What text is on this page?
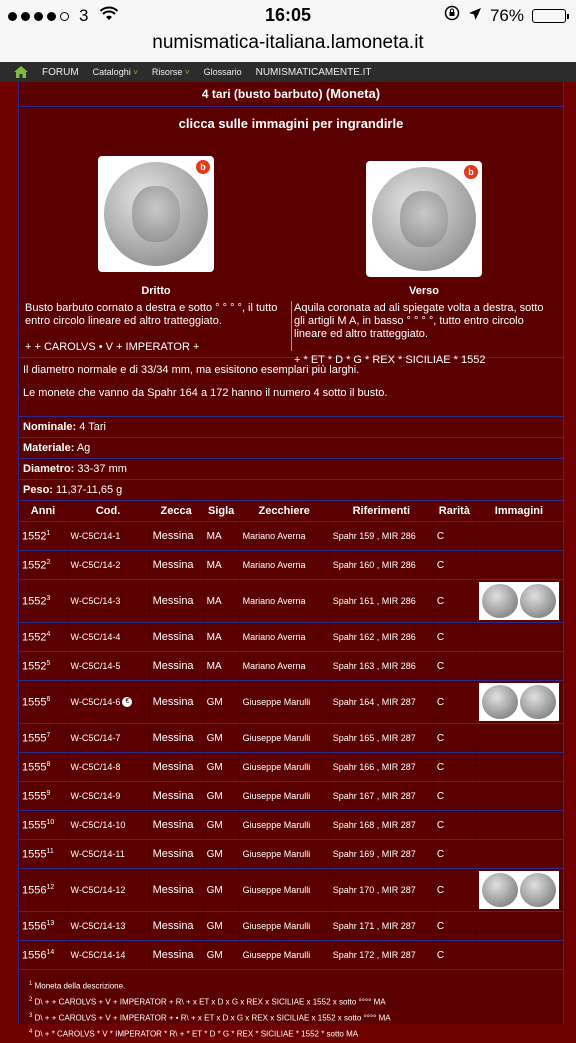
3	16:05	76%
numismatica-italiana.lamoneta.it
FORUM Cataloghi ˅ Risorse ˅ Glossario NUMISMATICAMENTE.IT
4 tari (busto barbuto) (Moneta)
clicca sulle immagini per ingrandirle
b	b
Dritto	Verso
Busto barbuto cornato a destra e sotto ° ° ° °, il tutto entro circolo lineare ed altro tratteggiato.
+ + CAROLVS • V + IMPERATOR +
Aquila coronata ad ali spiegate volta a destra, sotto gli artigli M A, in basso ° ° ° °, tutto entro circolo lineare ed altro tratteggiato.
+ * ET * D * G * REX * SICILIAE * 1552

Il diametro normale e di 33/34 mm, ma esisitono esemplari più larghi.

Le monete che vanno da Spahr 164 a 172 hanno il numero 4 sotto il busto.

Nominale: 4 Tari
Materiale: Ag
Diametro: 33-37 mm
Peso: 11,37-11,65 g
Anni	Cod.	Zecca	Sigla	Zecchiere	Riferimenti	Rarità	Immagini
1552$^1$	W-C5C/14-1	Messina	MA	Mariano Averna	Spahr 159 , MIR 286	C	
1552$^2$	W-C5C/14-2	Messina	MA	Mariano Averna	Spahr 160 , MIR 286	C	
1552$^3$	W-C5C/14-3	Messina	MA	Mariano Averna	Spahr 161 , MIR 286	C	

1552$^4$	W-C5C/14-4	Messina	MA	Mariano Averna	Spahr 162 , MIR 286	C	
1552$^5$	W-C5C/14-5	Messina	MA	Mariano Averna	Spahr 163 , MIR 286	C	
1555$^6$	W-C5C/14-6 €	Messina	GM	Giuseppe Marulli	Spahr 164 , MIR 287	C	

1555$^7$	W-C5C/14-7	Messina	GM	Giuseppe Marulli	Spahr 165 , MIR 287	C	
1555$^8$	W-C5C/14-8	Messina	GM	Giuseppe Marulli	Spahr 166 , MIR 287	C	
1555$^9$	W-C5C/14-9	Messina	GM	Giuseppe Marulli	Spahr 167 , MIR 287	C	
1555$^{10}$	W-C5C/14-10	Messina	GM	Giuseppe Marulli	Spahr 168 , MIR 287	C	
1555$^{11}$	W-C5C/14-11	Messina	GM	Giuseppe Marulli	Spahr 169 , MIR 287	C	
1556$^{12}$	W-C5C/14-12	Messina	GM	Giuseppe Marulli	Spahr 170 , MIR 287	C	

1556$^{13}$	W-C5C/14-13	Messina	GM	Giuseppe Marulli	Spahr 171 , MIR 287	C	
1556$^{14}$	W-C5C/14-14	Messina	GM	Giuseppe Marulli	Spahr 172 , MIR 287	C	
$^1$ Moneta della descrizione.
$^2$ D\ + + CAROLVS + V + IMPERATOR + R\ + x ET x D x G x REX x SICILIAE x 1552 x sotto °°°° MA
$^3$ D\ + + CAROLVS + V + IMPERATOR + • R\ + x ET x D x G x REX x SICILIAE x 1552 x sotto °°°° MA
$^4$ D\ + * CAROLVS * V * IMPERATOR * R\ + * ET * D * G * REX * SICILIAE * 1552 * sotto MA
